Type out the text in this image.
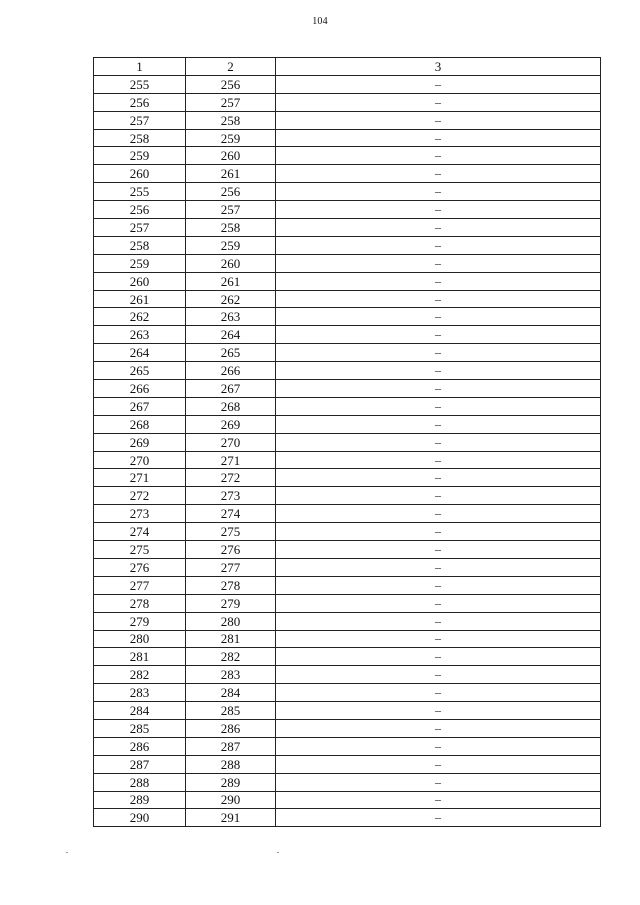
104
1	2	3
255	256	–
256	257	–
257	258	–
258	259	–
259	260	–
260	261	–
255	256	–
256	257	–
257	258	–
258	259	–
259	260	–
260	261	–
261	262	–
262	263	–
263	264	–
264	265	–
265	266	–
266	267	–
267	268	–
268	269	–
269	270	–
270	271	–
271	272	–
272	273	–
273	274	–
274	275	–
275	276	–
276	277	–
277	278	–
278	279	–
279	280	–
280	281	–
281	282	–
282	283	–
283	284	–
284	285	–
285	286	–
286	287	–
287	288	–
288	289	–
289	290	–
290	291	–
